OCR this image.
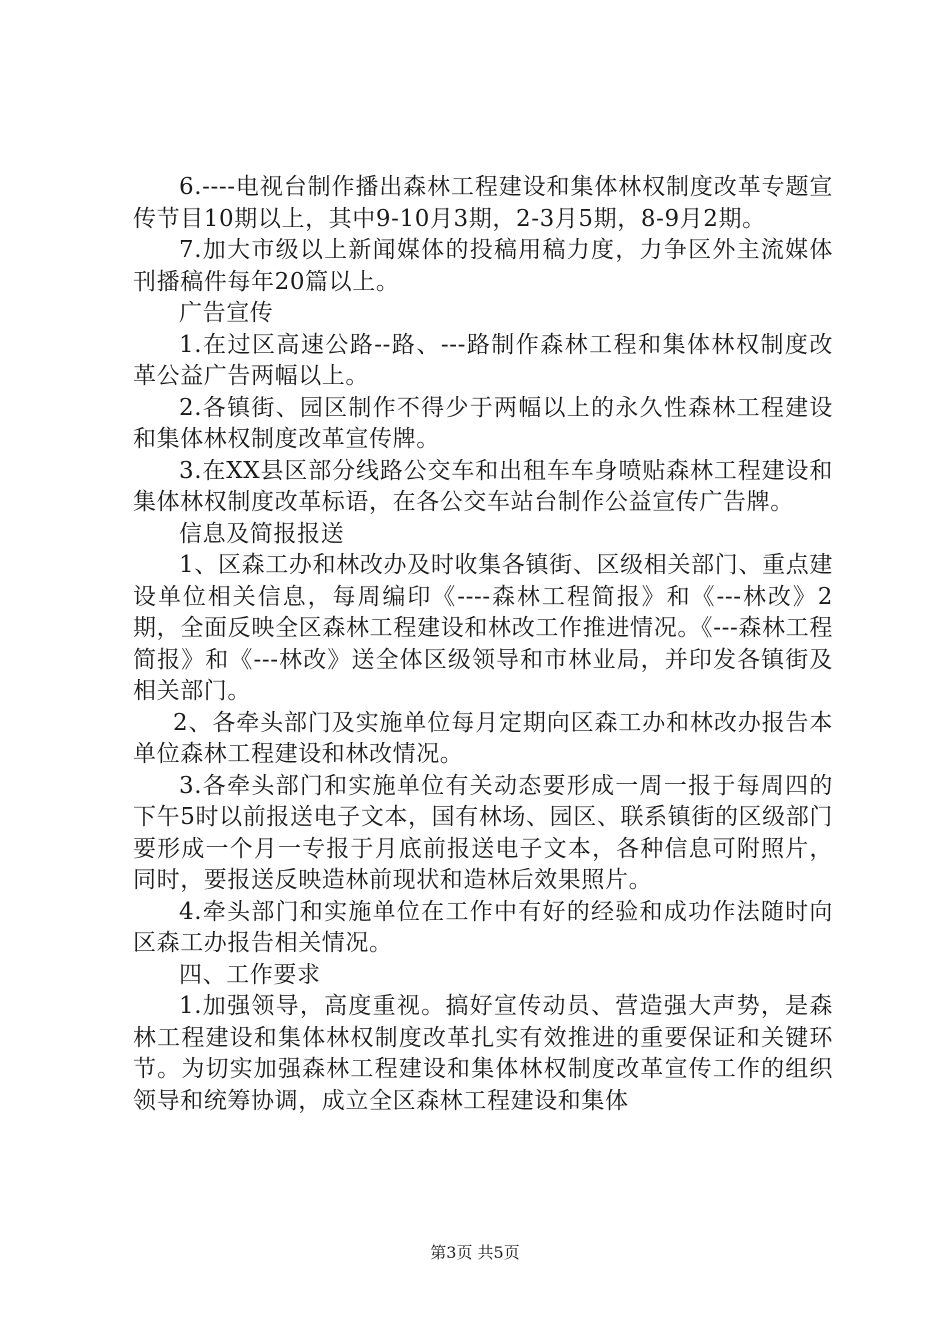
6.----电视台制作播出森林工程建设和集体林权制度改革专题宣传节目10期以上，其中9-10月3期，2-3月5期，8-9月2期。

7.加大市级以上新闻媒体的投稿用稿力度，力争区外主流媒体刊播稿件每年20篇以上。

广告宣传

1.在过区高速公路--路、---路制作森林工程和集体林权制度改革公益广告两幅以上。

2.各镇街、园区制作不得少于两幅以上的永久性森林工程建设和集体林权制度改革宣传牌。

3.在XX县区部分线路公交车和出租车车身喷贴森林工程建设和集体林权制度改革标语，在各公交车站台制作公益宣传广告牌。

信息及简报报送

1、区森工办和林改办及时收集各镇街、区级相关部门、重点建设单位相关信息，每周编印《----森林工程简报》和《---林改》2期，全面反映全区森林工程建设和林改工作推进情况。《---森林工程简报》和《---林改》送全体区级领导和市林业局，并印发各镇街及相关部门。

2、各牵头部门及实施单位每月定期向区森工办和林改办报告本单位森林工程建设和林改情况。

3.各牵头部门和实施单位有关动态要形成一周一报于每周四的下午5时以前报送电子文本，国有林场、园区、联系镇街的区级部门要形成一个月一专报于月底前报送电子文本，各种信息可附照片，同时，要报送反映造林前现状和造林后效果照片。

4.牵头部门和实施单位在工作中有好的经验和成功作法随时向区森工办报告相关情况。

四、工作要求

1.加强领导，高度重视。搞好宣传动员、营造强大声势，是森林工程建设和集体林权制度改革扎实有效推进的重要保证和关键环节。为切实加强森林工程建设和集体林权制度改革宣传工作的组织领导和统筹协调，成立全区森林工程建设和集体

第3页 共5页
